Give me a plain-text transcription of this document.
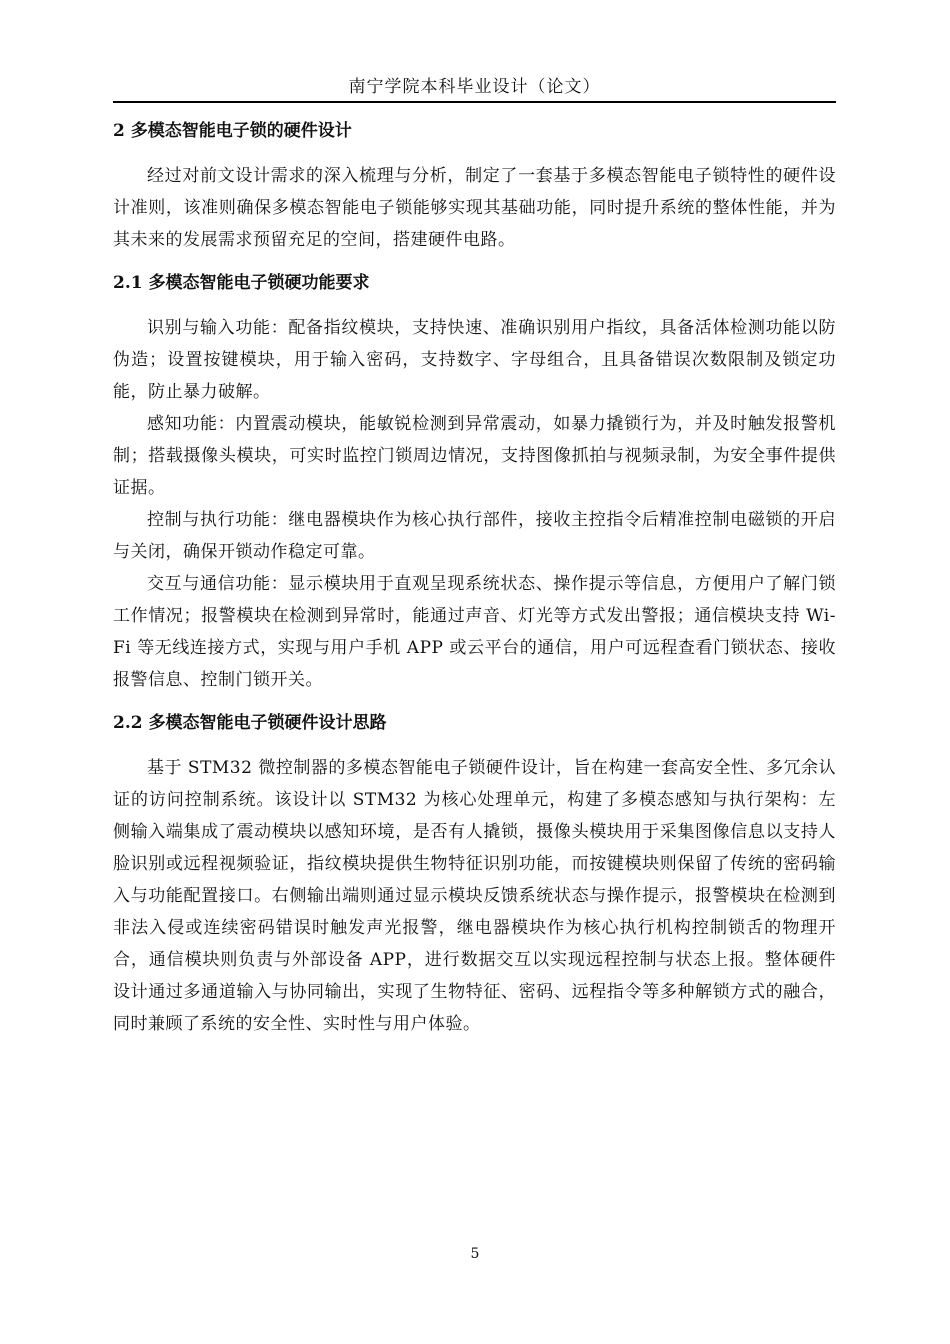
南宁学院本科毕业设计（论文）
2 多模态智能电子锁的硬件设计

经过对前文设计需求的深入梳理与分析，制定了一套基于多模态智能电子锁特性的硬件设计准则，该准则确保多模态智能电子锁能够实现其基础功能，同时提升系统的整体性能，并为其未来的发展需求预留充足的空间，搭建硬件电路。

2.1 多模态智能电子锁硬功能要求

识别与输入功能：配备指纹模块，支持快速、准确识别用户指纹，具备活体检测功能以防伪造；设置按键模块，用于输入密码，支持数字、字母组合，且具备错误次数限制及锁定功能，防止暴力破解。

感知功能：内置震动模块，能敏锐检测到异常震动，如暴力撬锁行为，并及时触发报警机制；搭载摄像头模块，可实时监控门锁周边情况，支持图像抓拍与视频录制，为安全事件提供证据。

控制与执行功能：继电器模块作为核心执行部件，接收主控指令后精准控制电磁锁的开启与关闭，确保开锁动作稳定可靠。

交互与通信功能：显示模块用于直观呈现系统状态、操作提示等信息，方便用户了解门锁工作情况；报警模块在检测到异常时，能通过声音、灯光等方式发出警报；通信模块支持 Wi-Fi 等无线连接方式，实现与用户手机 APP 或云平台的通信，用户可远程查看门锁状态、接收报警信息、控制门锁开关。

2.2 多模态智能电子锁硬件设计思路

基于 STM32 微控制器的多模态智能电子锁硬件设计，旨在构建一套高安全性、多冗余认证的访问控制系统。该设计以 STM32 为核心处理单元，构建了多模态感知与执行架构：左侧输入端集成了震动模块以感知环境，是否有人撬锁，摄像头模块用于采集图像信息以支持人脸识别或远程视频验证，指纹模块提供生物特征识别功能，而按键模块则保留了传统的密码输入与功能配置接口。右侧输出端则通过显示模块反馈系统状态与操作提示，报警模块在检测到非法入侵或连续密码错误时触发声光报警，继电器模块作为核心执行机构控制锁舌的物理开合，通信模块则负责与外部设备 APP，进行数据交互以实现远程控制与状态上报。整体硬件设计通过多通道输入与协同输出，实现了生物特征、密码、远程指令等多种解锁方式的融合，同时兼顾了系统的安全性、实时性与用户体验。

5
